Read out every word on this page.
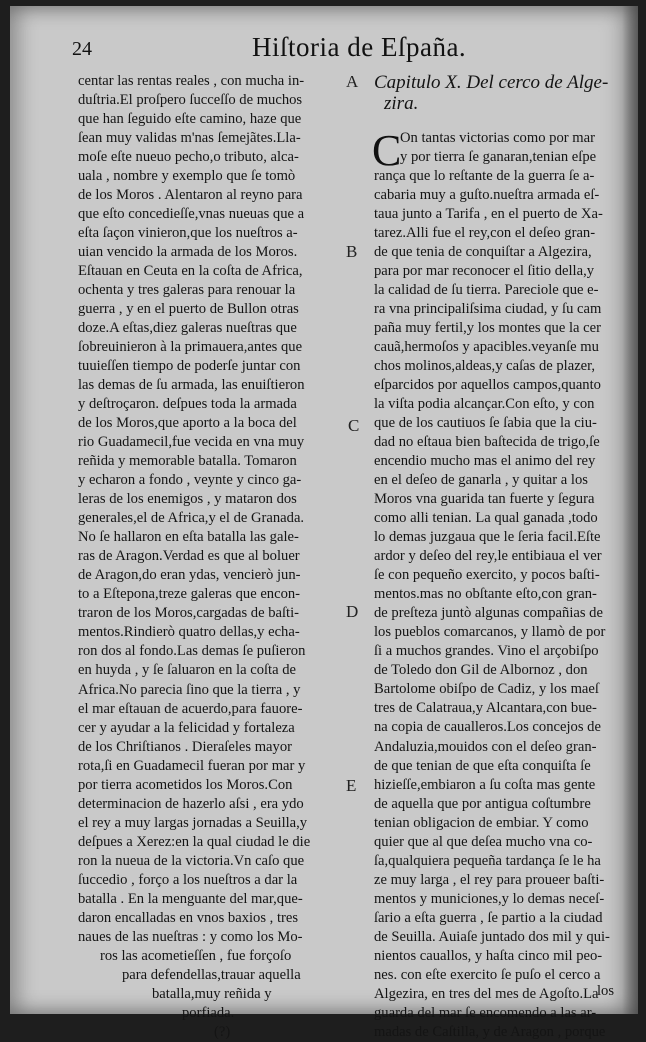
24	Hiſtoria de Eſpaña.
centar las rentas reales , con mucha in-
duſtria.El proſpero ſucceſſo de muchos
que han ſeguido eſte camino, haze que
ſean muy validas m'nas ſemejãtes.Lla-
moſe eſte nueuo pecho,o tributo, alca-
uala , nombre y exemplo que ſe tomò
de los Moros . Alentaron al reyno para
que eſto concedieſſe,vnas nueuas que a
eſta ſaçon vinieron,que los nueſtros a-
uian vencido la armada de los Moros.
Eſtauan en Ceuta en la coſta de Africa,
ochenta y tres galeras para renouar la
guerra , y en el puerto de Bullon otras
doze.A eſtas,diez galeras nueſtras que
ſobreuinieron à la primauera,antes que
tuuieſſen tiempo de poderſe juntar con
las demas de ſu armada, las enuiſtieron
y deſtroçaron. deſpues toda la armada
de los Moros,que aporto a la boca del
rio Guadamecil,fue vecida en vna muy
reñida y memorable batalla. Tomaron
y echaron a fondo , veynte y cinco ga-
leras de los enemigos , y mataron dos
generales,el de Africa,y el de Granada.
No ſe hallaron en eſta batalla las gale-
ras de Aragon.Verdad es que al boluer
de Aragon,do eran ydas, vencierò jun-
to a Eſtepona,treze galeras que encon-
traron de los Moros,cargadas de baſti-
mentos.Rindierò quatro dellas,y echa-
ron dos al fondo.Las demas ſe puſieron
en huyda , y ſe ſaluaron en la coſta de
Africa.No parecia ſino que la tierra , y
el mar eſtauan de acuerdo,para fauore-
cer y ayudar a la felicidad y fortaleza
de los Chriſtianos . Dieraſeles mayor
rota,ſi en Guadamecil fueran por mar y
por tierra acometidos los Moros.Con
determinacion de hazerlo aſsi , era ydo
el rey a muy largas jornadas a Seuilla,y
deſpues a Xerez:en la qual ciudad le die
ron la nueua de la victoria.Vn caſo que
ſuccedio , forço a los nueſtros a dar la
batalla . En la menguante del mar,que-
daron encalladas en vnos baxios , tres
naues de las nueſtras : y como los Mo-
ros las acometieſſen , fue forçoſo
para defendellas,trauar aquella
batalla,muy reñida y
porfiada.
(?)
Capitulo X. Del cerco de Alge-
zira.
C
On tantas victorias como por mar
y por tierra ſe ganaran,tenian eſpe
rança que lo reſtante de la guerra ſe a-
cabaria muy a guſto.nueſtra armada eſ-
taua junto a Tarifa , en el puerto de Xa-
tarez.Alli fue el rey,con el deſeo gran-
de que tenia de conquiſtar a Algezira,
para por mar reconocer el ſitio della,y
la calidad de ſu tierra. Pareciole que e-
ra vna principaliſsima ciudad, y ſu cam
paña muy fertil,y los montes que la cer
cauã,hermoſos y apacibles.veyanſe mu
chos molinos,aldeas,y caſas de plazer,
eſparcidos por aquellos campos,quanto
la viſta podia alcançar.Con eſto, y con
que de los cautiuos ſe ſabia que la ciu-
dad no eſtaua bien baſtecida de trigo,ſe
encendio mucho mas el animo del rey
en el deſeo de ganarla , y quitar a los
Moros vna guarida tan fuerte y ſegura
como alli tenian. La qual ganada ,todo
lo demas juzgaua que le ſeria facil.Eſte
ardor y deſeo del rey,le entibiaua el ver
ſe con pequeño exercito, y pocos baſti-
mentos.mas no obſtante eſto,con gran-
de preſteza juntò algunas compañias de
los pueblos comarcanos, y llamò de por
ſi a muchos grandes. Vino el arçobiſpo
de Toledo don Gil de Albornoz , don
Bartolome obiſpo de Cadiz, y los maeſ
tres de Calatraua,y Alcantara,con bue-
na copia de caualleros.Los concejos de
Andaluzia,mouidos con el deſeo gran-
de que tenian de que eſta conquiſta ſe
hizieſſe,embiaron a ſu coſta mas gente
de aquella que por antigua coſtumbre
tenian obligacion de embiar. Y como
quier que al que deſea mucho vna co-
ſa,qualquiera pequeña tardança ſe le ha
ze muy larga , el rey para proueer baſti-
mentos y municiones,y lo demas neceſ-
ſario a eſta guerra , ſe partio a la ciudad
de Seuilla. Auiaſe juntado dos mil y qui-
nientos cauallos, y haſta cinco mil peo-
nes. con eſte exercito ſe puſo el cerco a
Algezira, en tres del mes de Agoſto.La
guarda del mar ſe encomendo a las ar-
madas de Caſtilla, y de Aragon , porque
A
B
C
D
E
los
